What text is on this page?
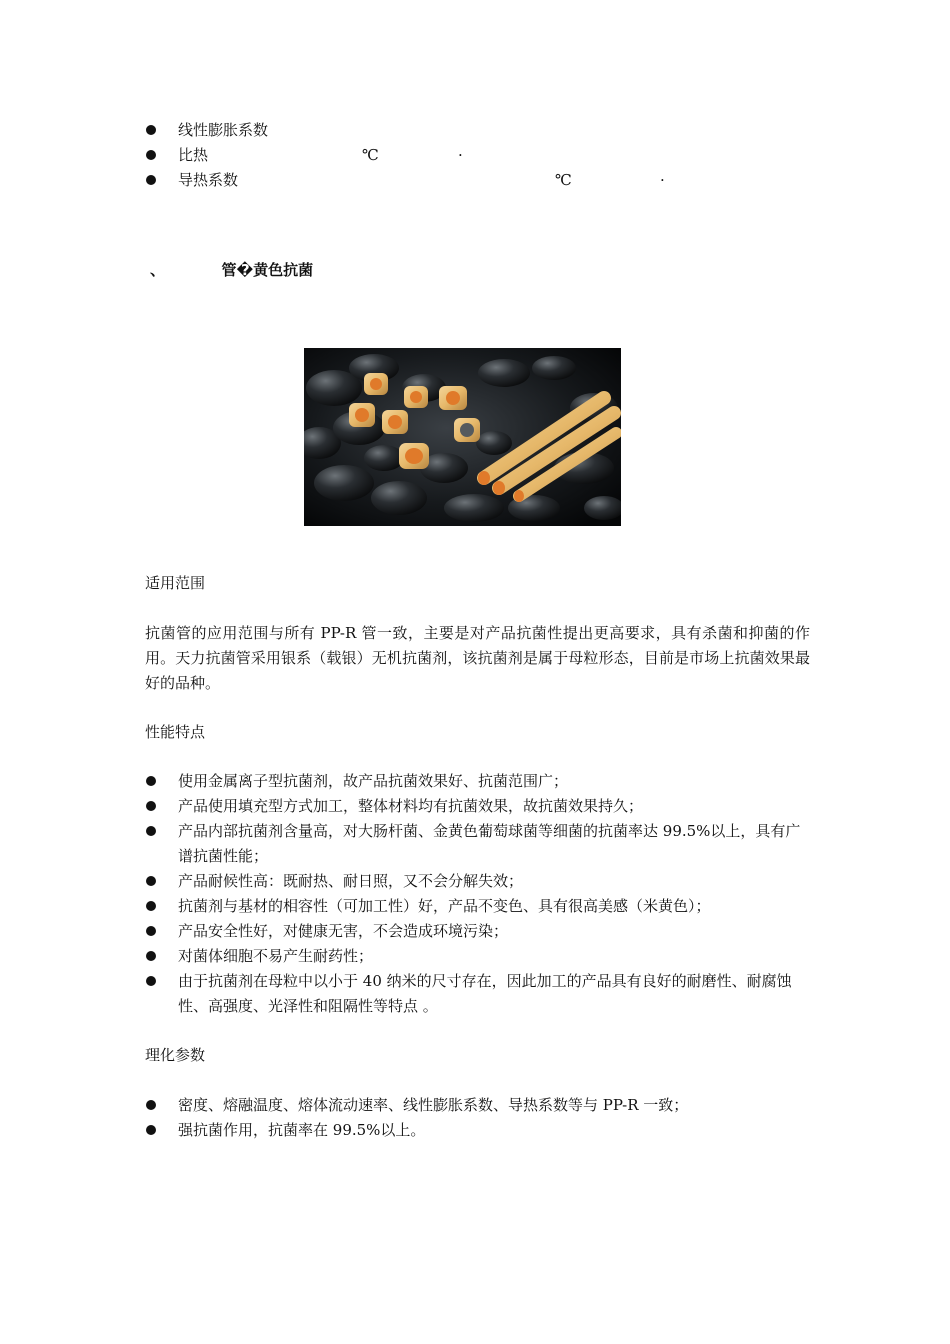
线性膨胀系数
比热
导热系数
℃	·
℃	·
、	管�黄色抗菌
适用范围
抗菌管的应用范围与所有 PP-R 管一致，主要是对产品抗菌性提出更高要求，具有杀菌和抑菌的作用。天力抗菌管采用银系（载银）无机抗菌剂，该抗菌剂是属于母粒形态，目前是市场上抗菌效果最好的品种。
性能特点
使用金属离子型抗菌剂，故产品抗菌效果好、抗菌范围广；
产品使用填充型方式加工，整体材料均有抗菌效果，故抗菌效果持久；
产品内部抗菌剂含量高，对大肠杆菌、金黄色葡萄球菌等细菌的抗菌率达 99.5%以上，具有广谱抗菌性能；
产品耐候性高：既耐热、耐日照，又不会分解失效；
抗菌剂与基材的相容性（可加工性）好，产品不变色、具有很高美感（米黄色）；
产品安全性好，对健康无害，不会造成环境污染；
对菌体细胞不易产生耐药性；
由于抗菌剂在母粒中以小于 40 纳米的尺寸存在，因此加工的产品具有良好的耐磨性、耐腐蚀性、高强度、光泽性和阻隔性等特点 。
理化参数
密度、熔融温度、熔体流动速率、线性膨胀系数、导热系数等与 PP-R 一致；
强抗菌作用，抗菌率在 99.5%以上。
